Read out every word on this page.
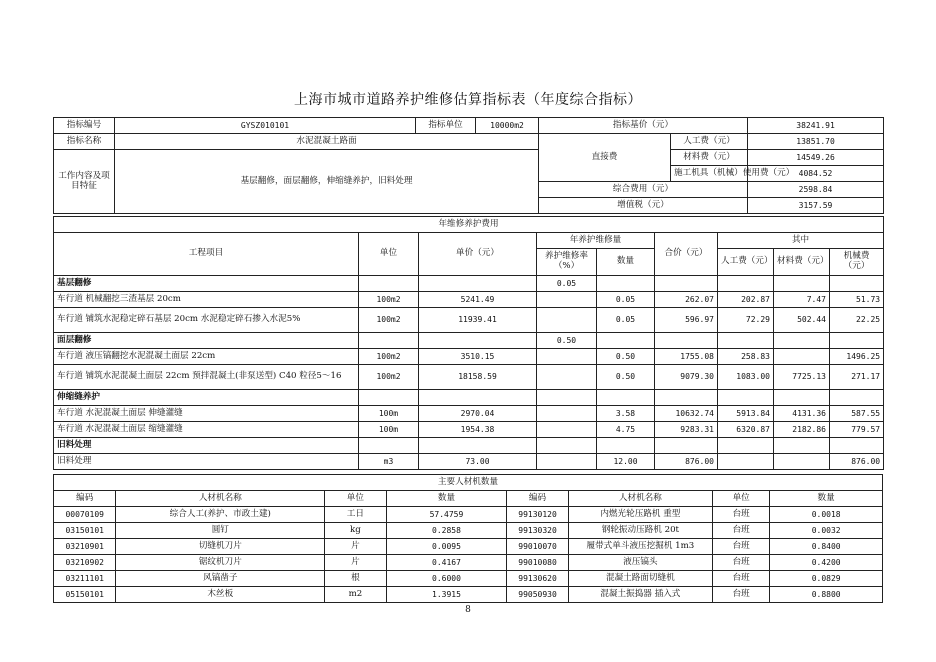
上海市城市道路养护维修估算指标表（年度综合指标）
指标编号	GYSZ010101	指标单位	10000m2	指标基价（元）		38241.91
指标名称	水泥混凝土路面			直接费	人工费（元）	13851.70
工作内容及项目特征	基层翻修，面层翻修，伸缩缝养护，旧料处理				材料费（元）	14549.26
					施工机具（机械）使用费（元）	4084.52
				综合费用（元）		2598.84
				增值税（元）		3157.59
年维修养护费用								
工程项目	单位	单价（元）	年养护维修量		合价（元）	其中		
			养护维修率（%）	数量		人工费（元）	材料费（元）	机械费（元）

基层翻修			0.05					
车行道 机械翻挖三渣基层 20cm	100m2	5241.49		0.05	262.07	202.87	7.47	51.73
车行道 铺筑水泥稳定碎石基层 20cm 水泥稳定碎石掺入水泥5%	100m2	11939.41		0.05	596.97	72.29	502.44	22.25
面层翻修			0.50					
车行道 液压镐翻挖水泥混凝土面层 22cm	100m2	3510.15		0.50	1755.08	258.83		1496.25
车行道 铺筑水泥混凝土面层 22cm 预拌混凝土(非泵送型) C40 粒径5～16	100m2	18158.59		0.50	9079.30	1083.00	7725.13	271.17
伸缩缝养护								
车行道 水泥混凝土面层 伸缝灌缝	100m	2970.04		3.58	10632.74	5913.84	4131.36	587.55
车行道 水泥混凝土面层 缩缝灌缝	100m	1954.38		4.75	9283.31	6320.87	2182.86	779.57
旧料处理								
旧料处理	m3	73.00		12.00	876.00			876.00
主要人材机数量							
编码	人材机名称	单位	数量	编码	人材机名称	单位	数量
00070109	综合人工(养护、市政土建)	工日	57.4759	99130120	内燃光轮压路机 重型	台班	0.0018
03150101	圆钉	kg	0.2858	99130320	钢轮振动压路机 20t	台班	0.0032
03210901	切缝机刀片	片	0.0095	99010070	履带式单斗液压挖掘机 1m3	台班	0.8400
03210902	锯纹机刀片	片	0.4167	99010080	液压镐头	台班	0.4200
03211101	风镐凿子	根	0.6000	99130620	混凝土路面切缝机	台班	0.0829
05150101	木丝板	m2	1.3915	99050930	混凝土振捣器 插入式	台班	0.8800
8
